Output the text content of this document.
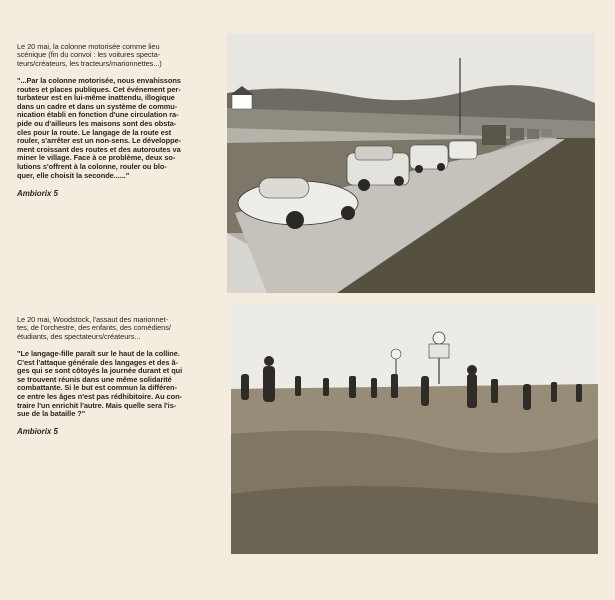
Le 20 mai, la colonne motorisée comme lieu
scénique (fin du convoi : les voitures specta-
teurs/créateurs, les tracteurs/marionnettes...)

"...Par la colonne motorisée, nous envahissons
routes et places publiques. Cet événement per-
turbateur est en lui-même inattendu, illogique
dans un cadre et dans un système de commu-
nication établi en fonction d'une circulation ra-
pide ou d'ailleurs les maisons sont des obsta-
cles pour la route. Le langage de la route est
rouler, s'arrêter est un non-sens. Le développe-
ment croissant des routes et des autoroutes va
miner le village. Face à ce problème, deux so-
lutions s'offrent à la colonne, rouler ou blo-
quer, elle choisit la seconde......"

Ambiorix 5

Le 20 mai, Woodstock, l'assaut des marionnet-
tes, de l'orchestre, des enfants, des comédiens/
étudiants, des spectateurs/créateurs...

"Le langage-fille paraît sur le haut de la colline.
C'est l'attaque générale des langages et des â-
ges qui se sont côtoyés la journée durant et qui
se trouvent réunis dans une même solidarité
combattante. Si le but est commun la différen-
ce entre les âges n'est pas rédhibitoire. Au con-
traire l'un enrichit l'autre. Mais quelle sera l'is-
sue de la bataille ?"

Ambiorix 5
